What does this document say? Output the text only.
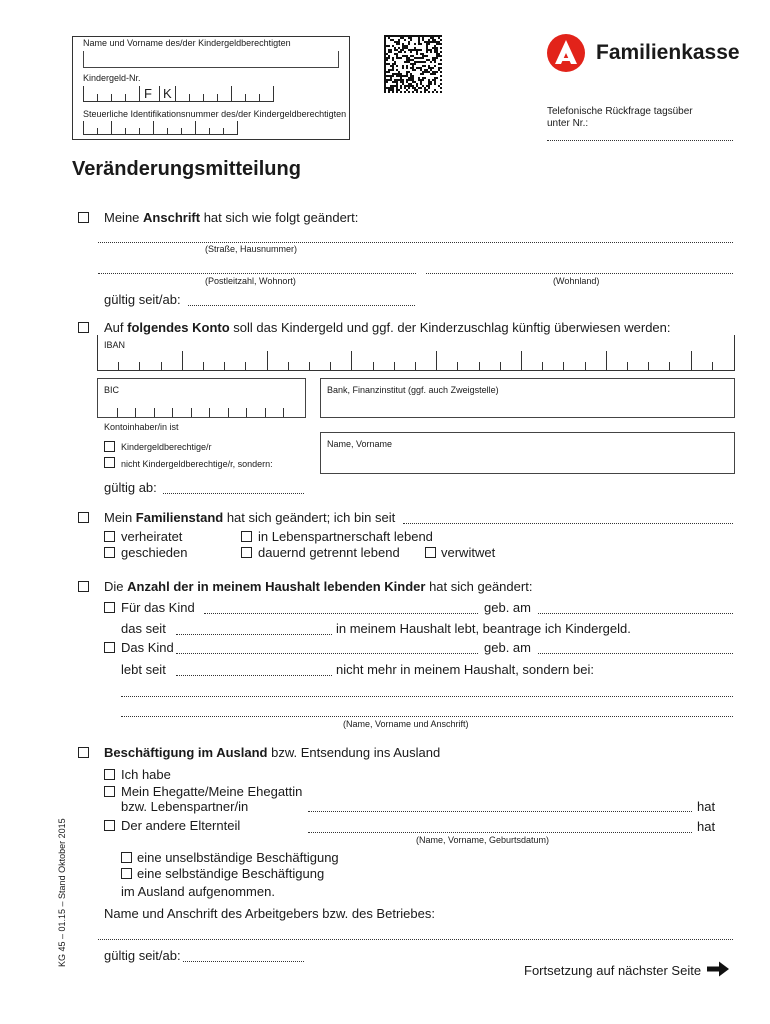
Name und Vorname des/der Kindergeldberechtigten
Kindergeld-Nr.
F K
Steuerliche Identifikationsnummer des/der Kindergeldberechtigten
Familienkasse
Telefonische Rückfrage tagsüber
unter Nr.:
Veränderungsmitteilung
Meine Anschrift hat sich wie folgt geändert:
(Straße, Hausnummer)
(Postleitzahl, Wohnort)	(Wohnland)
gültig seit/ab:
Auf folgendes Konto soll das Kindergeld und ggf. der Kinderzuschlag künftig überwiesen werden:
IBAN
BIC	Bank, Finanzinstitut (ggf. auch Zweigstelle)
Kontoinhaber/in ist
Kindergeldberechtige/r
nicht Kindergeldberechtige/r, sondern:
Name, Vorname
gültig ab:
Mein Familienstand hat sich geändert; ich bin seit
verheiratet	in Lebenspartnerschaft lebend
geschieden	dauernd getrennt lebend	verwitwet
Die Anzahl der in meinem Haushalt lebenden Kinder hat sich geändert:
Für das Kind	geb. am
das seit	in meinem Haushalt lebt, beantrage ich Kindergeld.
Das Kind	geb. am
lebt seit	nicht mehr in meinem Haushalt, sondern bei:
(Name, Vorname und Anschrift)
Beschäftigung im Ausland bzw. Entsendung ins Ausland
Ich habe
Mein Ehegatte/Meine Ehegattin
bzw. Lebenspartner/in	hat
Der andere Elternteil	hat
(Name, Vorname, Geburtsdatum)
eine unselbständige Beschäftigung
eine selbständige Beschäftigung
im Ausland aufgenommen.
Name und Anschrift des Arbeitgebers bzw. des Betriebes:
gültig seit/ab:
KG 45 – 01.15 – Stand Oktober 2015
Fortsetzung auf nächster Seite
